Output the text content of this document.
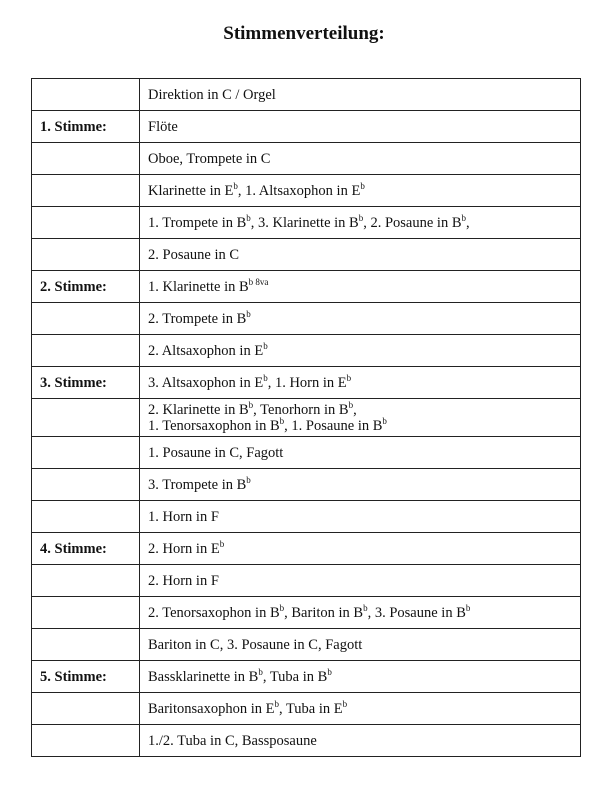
Stimmenverteilung:

	Direktion in C / Orgel

1. Stimme:	Flöte

	Oboe, Trompete in C

	Klarinette in $E^b$, 1. Altsaxophon in $E^b$

	1. Trompete in $B^b$, 3. Klarinette in $B^b$, 2. Posaune in $B^b$,

	2. Posaune in C

2. Stimme:	1. Klarinette in $B^{b 8va}$

	2. Trompete in $B^b$

	2. Altsaxophon in $E^b$

3. Stimme:	3. Altsaxophon in $E^b$, 1. Horn in $E^b$

	2. Klarinette in $B^b$, Tenorhorn in $B^b$,
1. Tenorsaxophon in $B^b$, 1. Posaune in $B^b$

	1. Posaune in C, Fagott

	3. Trompete in $B^b$

	1. Horn in F

4. Stimme:	2. Horn in $E^b$

	2. Horn in F

	2. Tenorsaxophon in $B^b$, Bariton in $B^b$, 3. Posaune in $B^b$

	Bariton in C, 3. Posaune in C, Fagott

5. Stimme:	Bassklarinette in $B^b$, Tuba in $B^b$

	Baritonsaxophon in $E^b$, Tuba in $E^b$

	1./2. Tuba in C, Bassposaune
